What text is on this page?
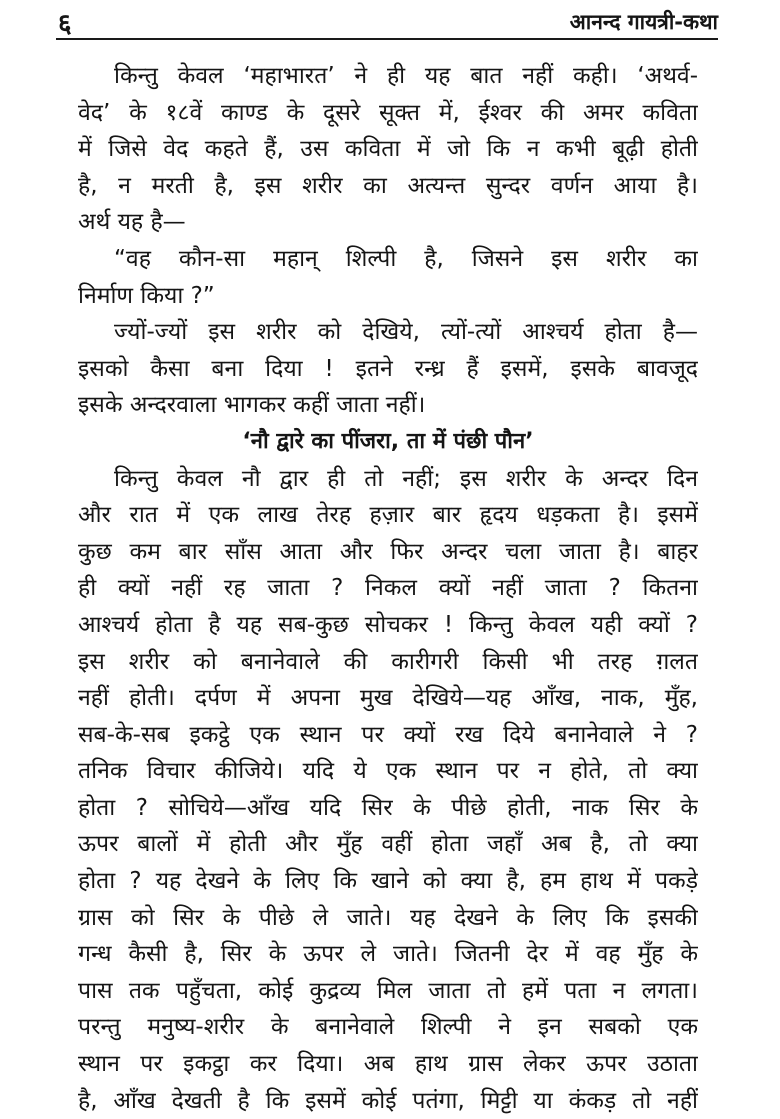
६	आनन्द गायत्री-कथा
किन्तु केवल ‘महाभारत’ ने ही यह बात नहीं कही। ‘अथर्व-
वेद’ के १८वें काण्ड के दूसरे सूक्त में, ईश्वर की अमर कविता
में जिसे वेद कहते हैं, उस कविता में जो कि न कभी बूढ़ी होती
है, न मरती है, इस शरीर का अत्यन्त सुन्दर वर्णन आया है।
अर्थ यह है—
“वह कौन-सा महान् शिल्पी है, जिसने इस शरीर का
निर्माण किया ?”
ज्यों-ज्यों इस शरीर को देखिये, त्यों-त्यों आश्चर्य होता है—
इसको कैसा बना दिया ! इतने रन्ध्र हैं इसमें, इसके बावजूद
इसके अन्दरवाला भागकर कहीं जाता नहीं।
‘नौ द्वारे का पींजरा, ता में पंछी पौन’
किन्तु केवल नौ द्वार ही तो नहीं; इस शरीर के अन्दर दिन
और रात में एक लाख तेरह हज़ार बार हृदय धड़कता है। इसमें
कुछ कम बार साँस आता और फिर अन्दर चला जाता है। बाहर
ही क्यों नहीं रह जाता ? निकल क्यों नहीं जाता ? कितना
आश्चर्य होता है यह सब-कुछ सोचकर ! किन्तु केवल यही क्यों ?
इस शरीर को बनानेवाले की कारीगरी किसी भी तरह ग़लत
नहीं होती। दर्पण में अपना मुख देखिये—यह आँख, नाक, मुँह,
सब-के-सब इकट्ठे एक स्थान पर क्यों रख दिये बनानेवाले ने ?
तनिक विचार कीजिये। यदि ये एक स्थान पर न होते, तो क्या
होता ? सोचिये—आँख यदि सिर के पीछे होती, नाक सिर के
ऊपर बालों में होती और मुँह वहीं होता जहाँ अब है, तो क्या
होता ? यह देखने के लिए कि खाने को क्या है, हम हाथ में पकड़े
ग्रास को सिर के पीछे ले जाते। यह देखने के लिए कि इसकी
गन्ध कैसी है, सिर के ऊपर ले जाते। जितनी देर में वह मुँह के
पास तक पहुँचता, कोई कुद्रव्य मिल जाता तो हमें पता न लगता।
परन्तु मनुष्य-शरीर के बनानेवाले शिल्पी ने इन सबको एक
स्थान पर इकट्ठा कर दिया। अब हाथ ग्रास लेकर ऊपर उठाता
है, आँख देखती है कि इसमें कोई पतंगा, मिट्टी या कंकड़ तो नहीं
